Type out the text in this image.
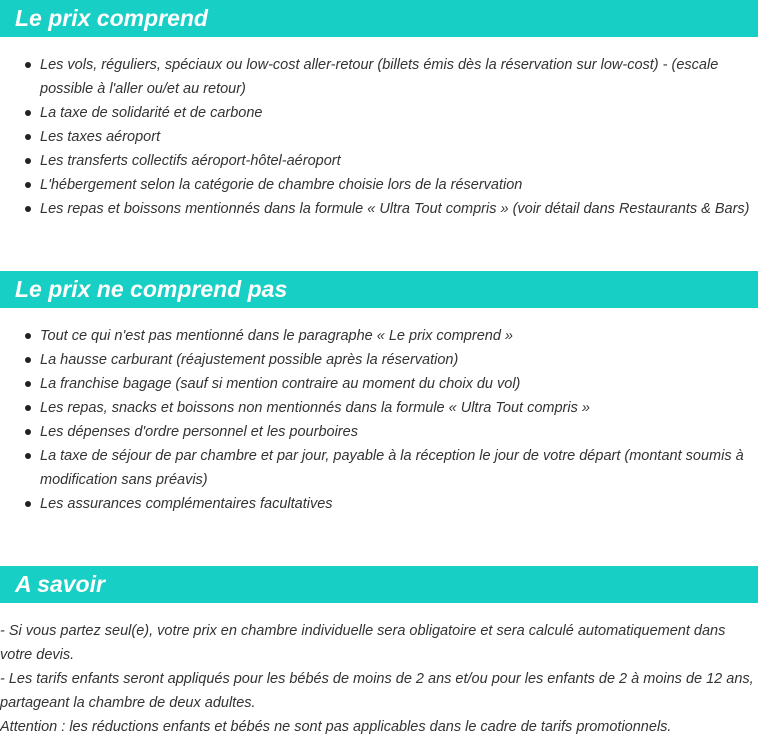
Le prix comprend
Les vols, réguliers, spéciaux ou low-cost aller-retour (billets émis dès la réservation sur low-cost) - (escale possible à l'aller ou/et au retour)
La taxe de solidarité et de carbone
Les taxes aéroport
Les transferts collectifs aéroport-hôtel-aéroport
L'hébergement selon la catégorie de chambre choisie lors de la réservation
Les repas et boissons mentionnés dans la formule « Ultra Tout compris » (voir détail dans Restaurants & Bars)
Le prix ne comprend pas
Tout ce qui n'est pas mentionné dans le paragraphe « Le prix comprend »
La hausse carburant (réajustement possible après la réservation)
La franchise bagage (sauf si mention contraire au moment du choix du vol)
Les repas, snacks et boissons non mentionnés dans la formule « Ultra Tout compris »
Les dépenses d'ordre personnel et les pourboires
La taxe de séjour de par chambre et par jour, payable à la réception le jour de votre départ (montant soumis à modification sans préavis)
Les assurances complémentaires facultatives
A savoir

- Si vous partez seul(e), votre prix en chambre individuelle sera obligatoire et sera calculé automatiquement dans votre devis.

- Les tarifs enfants seront appliqués pour les bébés de moins de 2 ans et/ou pour les enfants de 2 à moins de 12 ans, partageant la chambre de deux adultes.

Attention : les réductions enfants et bébés ne sont pas applicables dans le cadre de tarifs promotionnels.
